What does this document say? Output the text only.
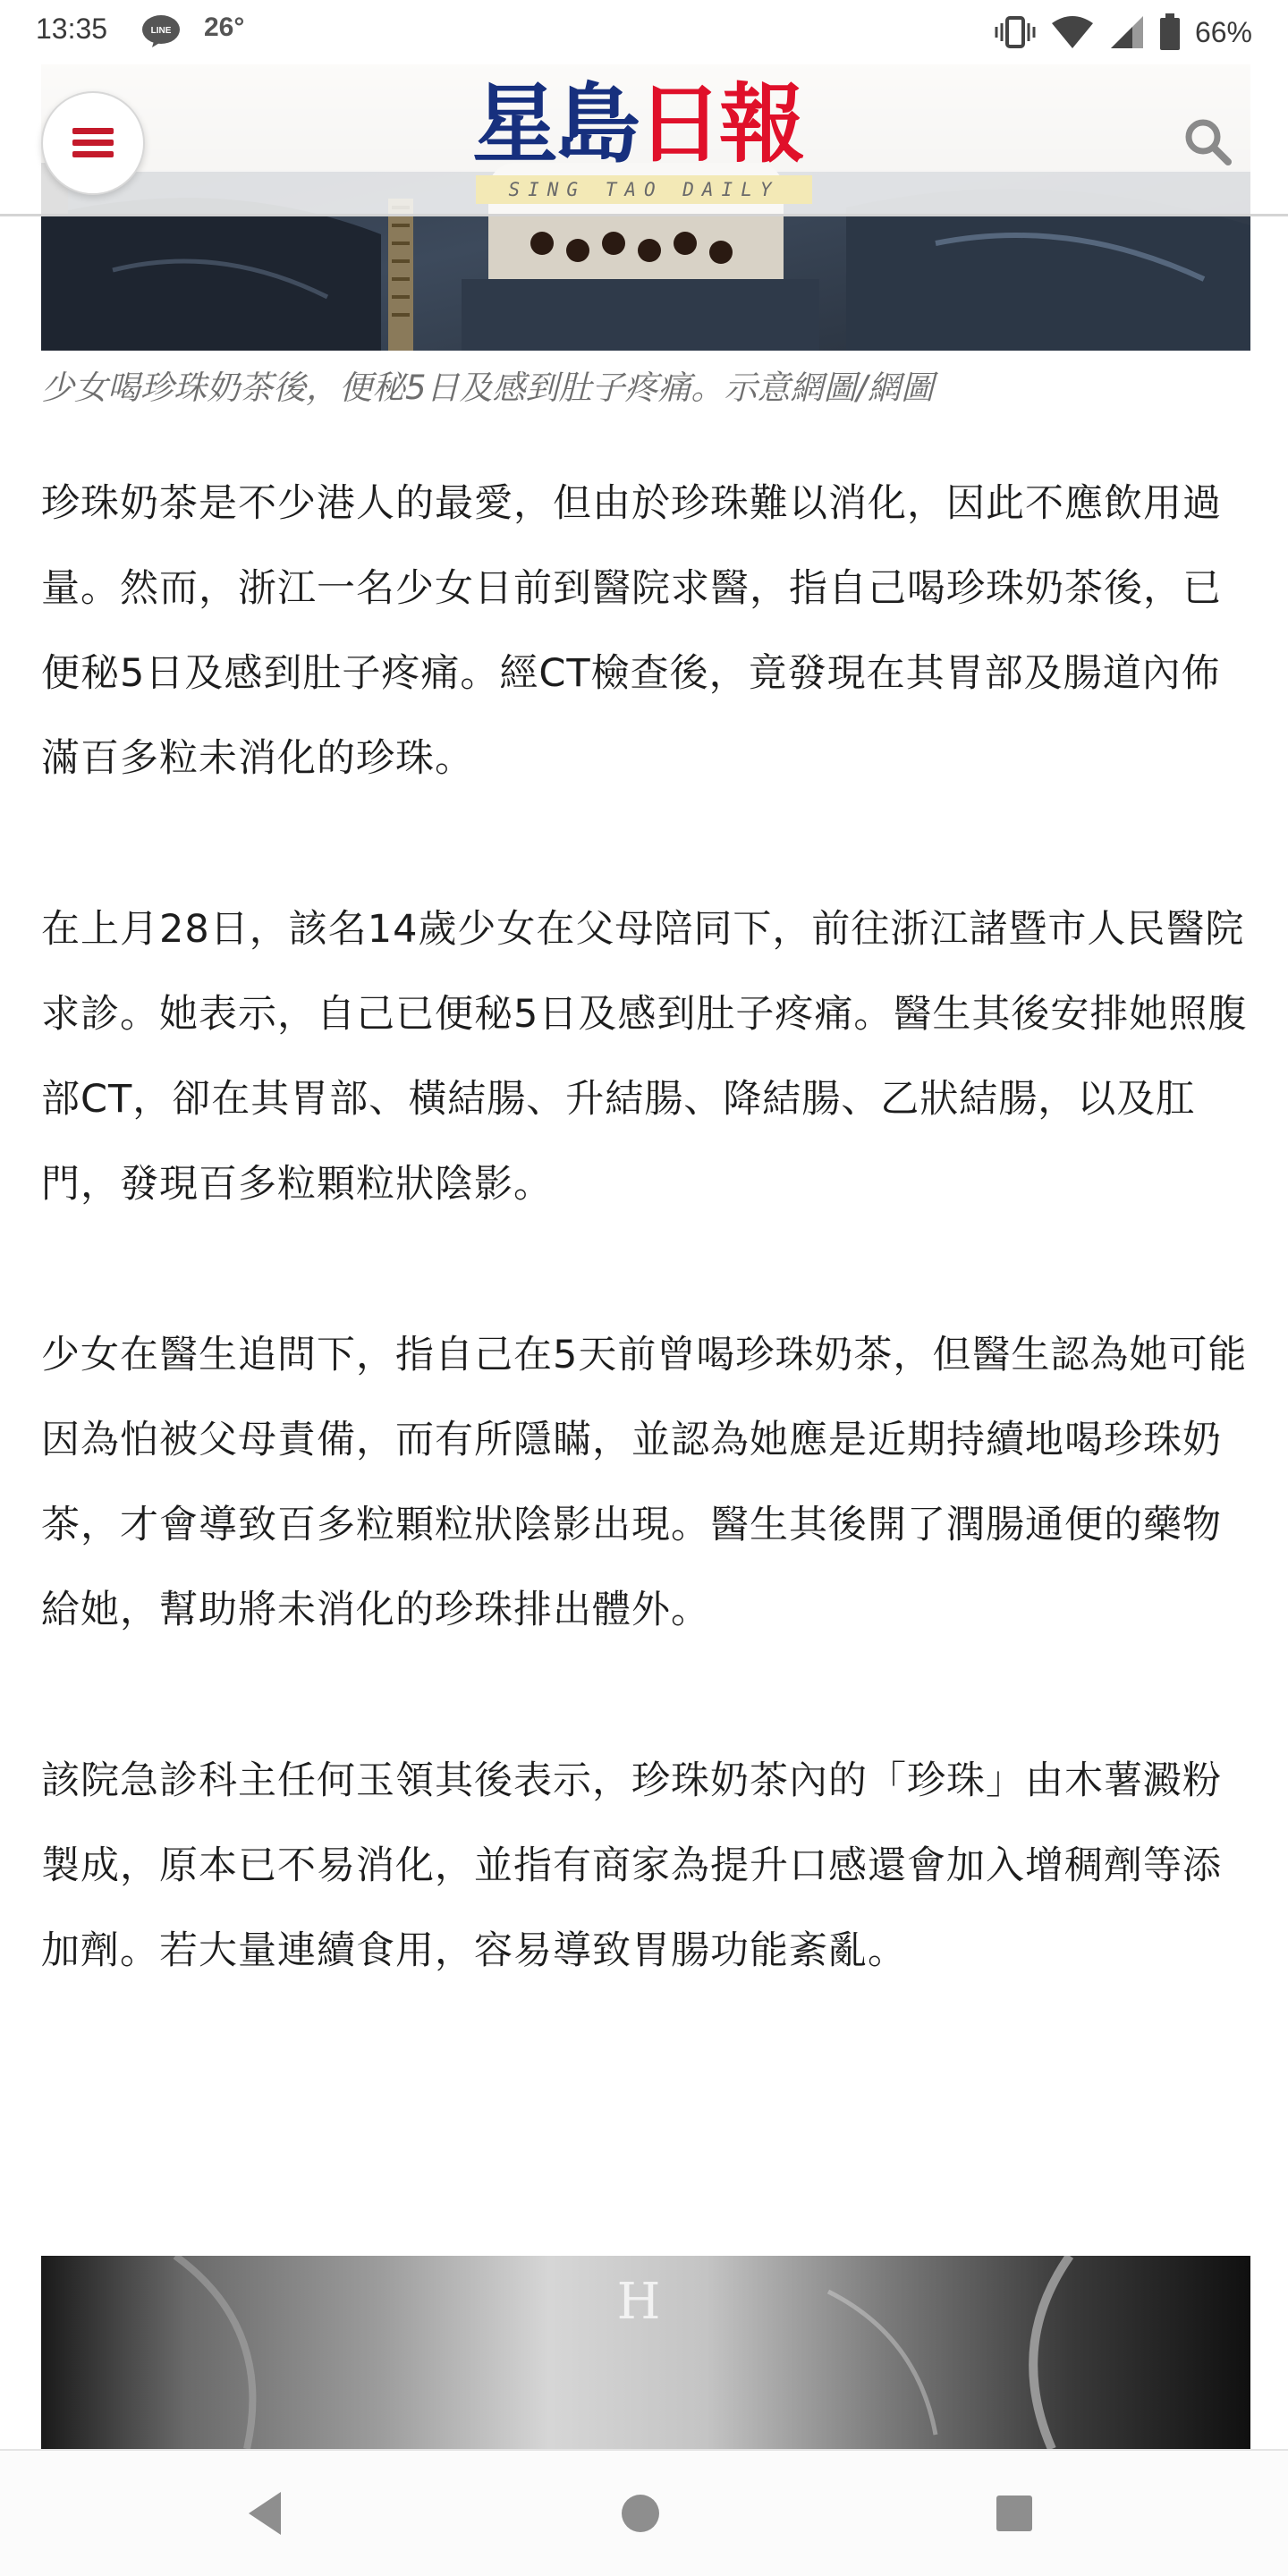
13:35	LINE 26°	66%
星島日報
SING TAO DAILY
少女喝珍珠奶茶後，便秘5日及感到肚子疼痛。示意網圖/網圖

珍珠奶茶是不少港人的最愛，但由於珍珠難以消化，因此不應飲用過量。然而，浙江一名少女日前到醫院求醫，指自己喝珍珠奶茶後，已便秘5日及感到肚子疼痛。經CT檢查後，竟發現在其胃部及腸道內佈滿百多粒未消化的珍珠。

在上月28日，該名14歲少女在父母陪同下，前往浙江諸暨市人民醫院求診。她表示，自己已便秘5日及感到肚子疼痛。醫生其後安排她照腹部CT，卻在其胃部、橫結腸、升結腸、降結腸、乙狀結腸，以及肛門，發現百多粒顆粒狀陰影。

少女在醫生追問下，指自己在5天前曾喝珍珠奶茶，但醫生認為她可能因為怕被父母責備，而有所隱瞞，並認為她應是近期持續地喝珍珠奶茶，才會導致百多粒顆粒狀陰影出現。醫生其後開了潤腸通便的藥物給她，幫助將未消化的珍珠排出體外。

該院急診科主任何玉領其後表示，珍珠奶茶內的「珍珠」由木薯澱粉製成，原本已不易消化，並指有商家為提升口感還會加入增稠劑等添加劑。若大量連續食用，容易導致胃腸功能紊亂。

H
